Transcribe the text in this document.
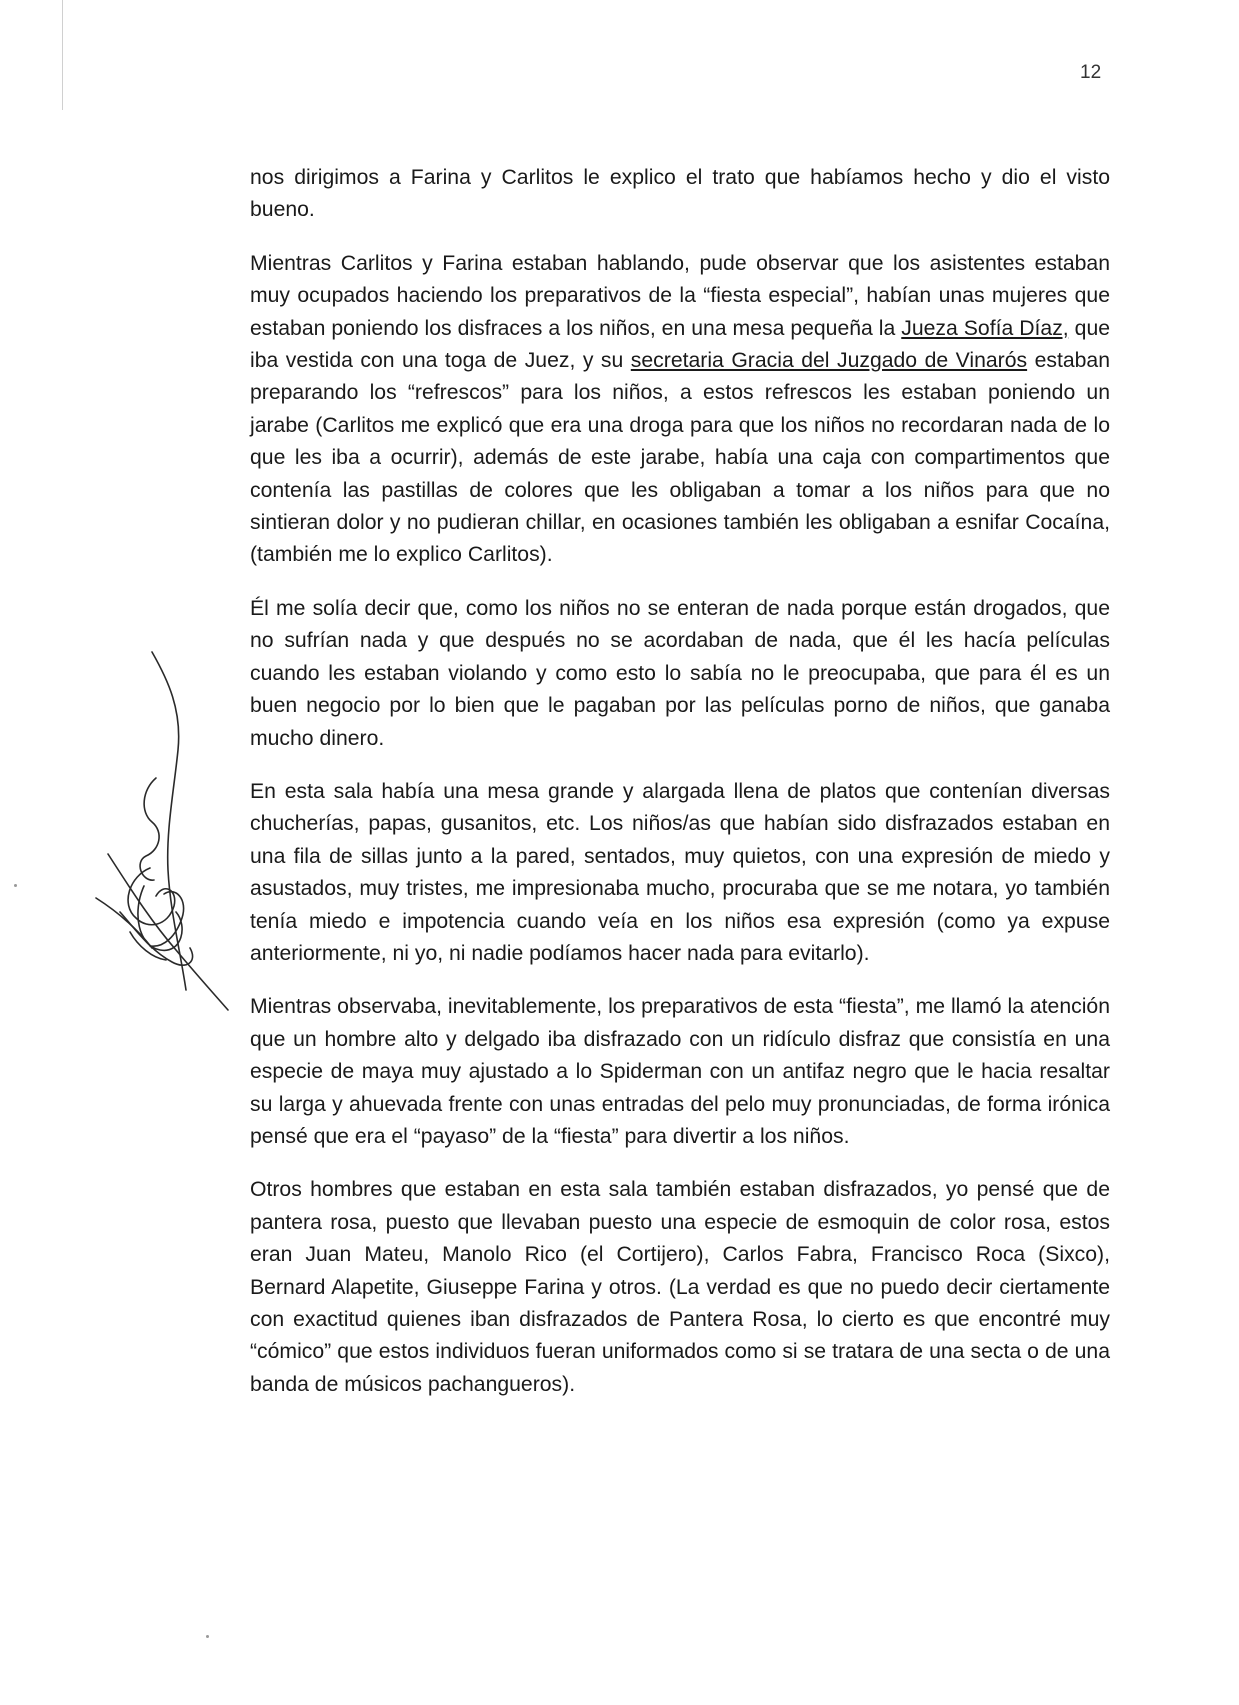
12

nos dirigimos a Farina y Carlitos le explico el trato que habíamos hecho y dio el visto bueno.

Mientras Carlitos y Farina estaban hablando, pude observar que los asistentes estaban muy ocupados haciendo los preparativos de la “fiesta especial”, habían unas mujeres que estaban poniendo los disfraces a los niños, en una mesa pequeña la Jueza Sofía Díaz, que iba vestida con una toga de Juez, y su secretaria Gracia del Juzgado de Vinarós estaban preparando los “refrescos” para los niños, a estos refrescos les estaban poniendo un jarabe (Carlitos me explicó que era una droga para que los niños no recordaran nada de lo que les iba a ocurrir), además de este jarabe, había una caja con compartimentos que contenía las pastillas de colores que les obligaban a tomar a los niños para que no sintieran dolor y no pudieran chillar, en ocasiones también les obligaban a esnifar Cocaína, (también me lo explico Carlitos).

Él me solía decir que, como los niños no se enteran de nada porque están drogados, que no sufrían nada y que después no se acordaban de nada, que él les hacía películas cuando les estaban violando y como esto lo sabía no le preocupaba, que para él es un buen negocio por lo bien que le pagaban por las películas porno de niños, que ganaba mucho dinero.

En esta sala había una mesa grande y alargada llena de platos que contenían diversas chucherías, papas, gusanitos, etc. Los niños/as que habían sido disfrazados estaban en una fila de sillas junto a la pared, sentados, muy quietos, con una expresión de miedo y asustados, muy tristes, me impresionaba mucho, procuraba que se me notara, yo también tenía miedo e impotencia cuando veía en los niños esa expresión (como ya expuse anteriormente, ni yo, ni nadie podíamos hacer nada para evitarlo).

Mientras observaba, inevitablemente, los preparativos de esta “fiesta”, me llamó la atención que un hombre alto y delgado iba disfrazado con un ridículo disfraz que consistía en una especie de maya muy ajustado a lo Spiderman con un antifaz negro que le hacia resaltar su larga y ahuevada frente con unas entradas del pelo muy pronunciadas, de forma irónica pensé que era el “payaso” de la “fiesta” para divertir a los niños.

Otros hombres que estaban en esta sala también estaban disfrazados, yo pensé que de pantera rosa, puesto que llevaban puesto una especie de esmoquin de color rosa, estos eran Juan Mateu, Manolo Rico (el Cortijero), Carlos Fabra, Francisco Roca (Sixco), Bernard Alapetite, Giuseppe Farina y otros. (La verdad es que no puedo decir ciertamente con exactitud quienes iban disfrazados de Pantera Rosa, lo cierto es que encontré muy “cómico” que estos individuos fueran uniformados como si se tratara de una secta o de una banda de músicos pachangueros).
